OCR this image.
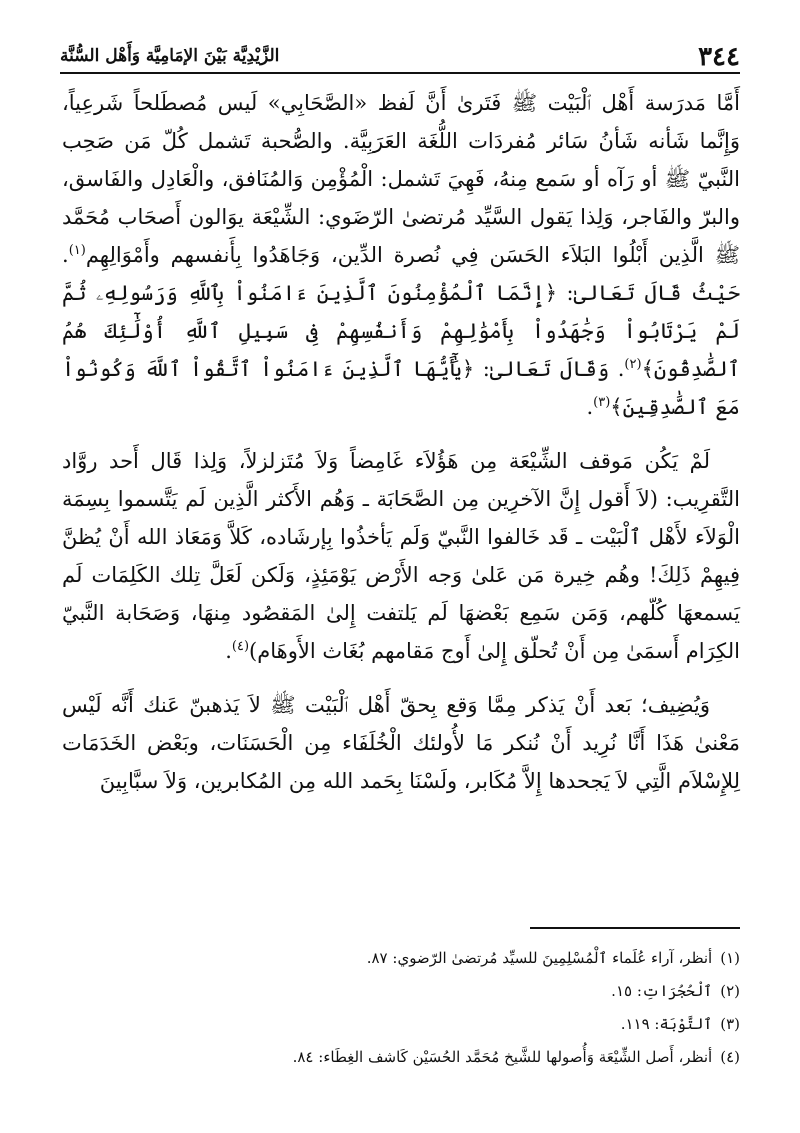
٣٤٤
الزَّيْدِيَّة بَيْنَ الإمَامِيَّة وَأَهْل السُّنَّة

أَمَّا مَدرَسة أَهْل ٱلْبَيْت ﷺ فَتَرىٰ أَنَّ لَفظ «الصَّحَابِي» لَيس مُصطَلحاً شَرعِياً، وَإِنَّما شَأنه شَأنُ سَائر مُفردَات اللُّغَة العَرَبِيَّة. والصُّحبة تَشمل كُلّ مَن صَحِب النَّبيّ ﷺ أو رَآه أو سَمع مِنهُ، فَهِيَ تَشمل: الْمُؤْمِن وَالمُنَافق، والْعَادِل والفَاسق، والبرّ والفَاجر، وَلِذا يَقول السَّيِّد مُرتضىٰ الرّضَوي: الشِّيْعَة يوَالون أَصحَاب مُحَمَّد ﷺ الَّذِين أَبْلُوا البَلاَء الحَسَن فِي نُصرة الدِّين، وَجَاهَدُوا بِأَنفسهم وأَمْوَالِهِم$^{(١)}$. حَيْثُ قَالَ تَعَالىٰ: ﴿إِنَّمَا ٱلْمُؤْمِنُونَ ٱلَّذِينَ ءَامَنُواْ بِٱللَّهِ وَرَسُولِهِۦ ثُمَّ لَمْ يَرْتَابُواْ وَجَٰهَدُواْ بِأَمْوَٰلِهِمْ وَأَنفُسِهِمْ فِى سَبِيلِ ٱللَّهِ أُوْلَٰٓئِكَ هُمُ ٱلصَّٰدِقُونَ﴾$^{(٢)}$. وَقَالَ تَعَالىٰ: ﴿يَٰٓأَيُّهَا ٱلَّذِينَ ءَامَنُواْ ٱتَّقُواْ ٱللَّهَ وَكُونُواْ مَعَ ٱلصَّٰدِقِينَ﴾$^{(٣)}$.

لَمْ يَكُن مَوقف الشِّيْعَة مِن هَؤُلاَء غَامِضاً وَلاَ مُتَزلزلاً، وَلِذا قَال أَحد روَّاد التَّقرِيب: (لاَ أَقول إِنَّ الآخرِين مِن الصَّحَابَة ـ وَهُم الأَكثر الَّذِين لَم يَتَّسموا بِسِمَة الْوَلاَء لأَهْل ٱلْبَيْت ـ قَد خَالفوا النَّبيّ وَلَم يَأخذُوا بِإرشَاده، كَلاَّ وَمَعَاذ الله أَنْ يُظنَّ فِيهِمْ ذَلِكَ! وهُم خِيرة مَن عَلىٰ وَجه الأَرْض يَوْمَئِذٍ، وَلَكن لَعَلَّ تِلك الكَلِمَات لَم يَسمعهَا كُلّهم، وَمَن سَمِع بَعْضهَا لَم يَلتفت إِلىٰ المَقصُود مِنهَا، وَصَحَابة النَّبيّ الكِرَام أَسمَىٰ مِن أَنْ تُحلّق إِلىٰ أَوج مَقامهم بُغَاث الأَوهَام)$^{(٤)}$.

وَيُضِيف؛ بَعد أَنْ يَذكر مِمَّا وَقع بِحقّ أَهْل ٱلْبَيْت ﷺ لاَ يَذهبنّ عَنك أَنَّه لَيْس مَعْنىٰ هَذَا أَنَّا نُرِيد أَنْ نُنكر مَا لأُولئك الْخُلَفَاء مِن الْحَسَنَات، وبَعْض الخَدَمَات لِلإِسْلاَم الَّتِي لاَ يَجحدها إِلاَّ مُكَابر، ولَسْنَا بِحَمد الله مِن المُكابرين، وَلاَ سبَّابِينَ

(١)أنظر، آراء عُلَماء ٱلْمُسْلِمِينَ للسيِّد مُرتضىٰ الرّضوي: ٨٧.
(٢)ٱلْحُجُرَاتِ: ١٥.
(٣)ٱلتَّوْبَة: ١١٩.
(٤)أنظر، أَصل الشِّيْعَة وَأُصولها للشَّيخ مُحَمَّد الحُسَيْن كَاشف الغِطَاء: ٨٤.
